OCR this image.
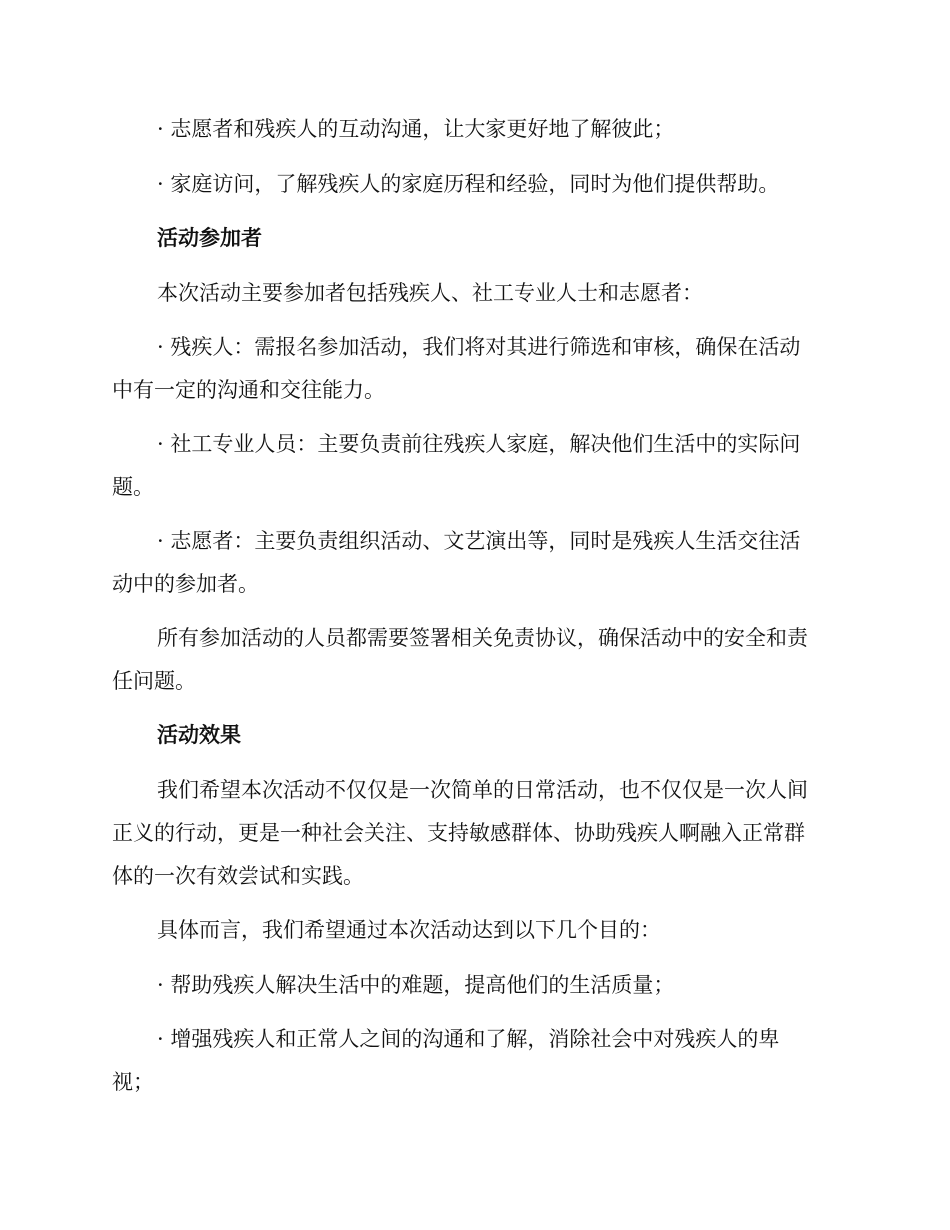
· 志愿者和残疾人的互动沟通，让大家更好地了解彼此；

· 家庭访问，了解残疾人的家庭历程和经验，同时为他们提供帮助。

活动参加者

本次活动主要参加者包括残疾人、社工专业人士和志愿者：

· 残疾人：需报名参加活动，我们将对其进行筛选和审核，确保在活动

中有一定的沟通和交往能力。

· 社工专业人员：主要负责前往残疾人家庭，解决他们生活中的实际问

题。

· 志愿者：主要负责组织活动、文艺演出等，同时是残疾人生活交往活

动中的参加者。

所有参加活动的人员都需要签署相关免责协议，确保活动中的安全和责

任问题。

活动效果

我们希望本次活动不仅仅是一次简单的日常活动，也不仅仅是一次人间

正义的行动，更是一种社会关注、支持敏感群体、协助残疾人啊融入正常群

体的一次有效尝试和实践。

具体而言，我们希望通过本次活动达到以下几个目的：

· 帮助残疾人解决生活中的难题，提高他们的生活质量；

· 增强残疾人和正常人之间的沟通和了解，消除社会中对残疾人的卑

视；
